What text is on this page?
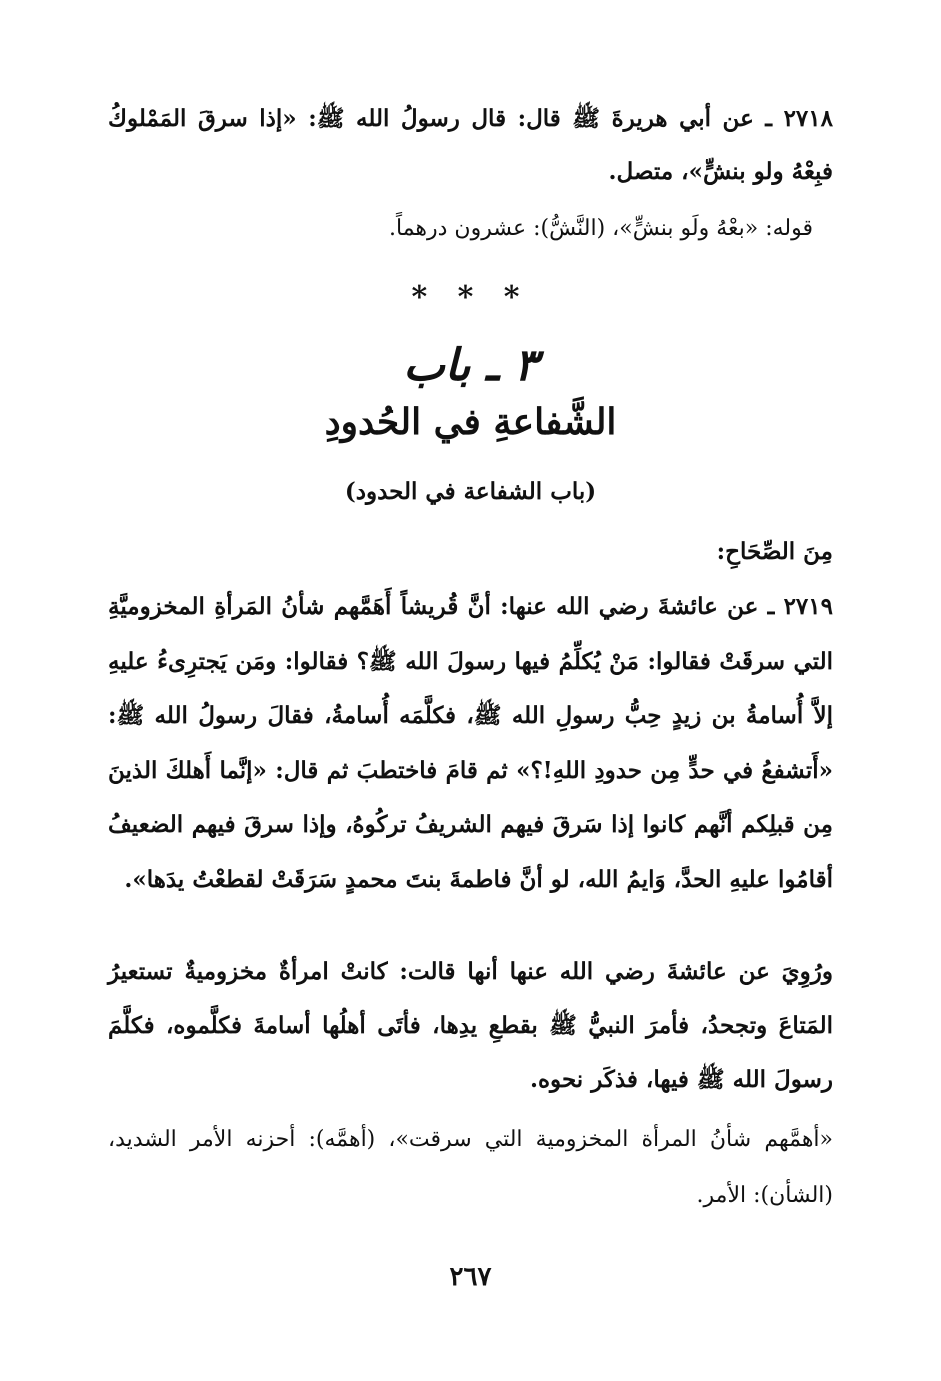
٢٧١٨ ـ عن أبي هريرةَ ﷺ قال: قال رسولُ الله ﷺ: «إذا سرقَ المَمْلوكُ فبِعْهُ ولو بنشٍّ»، متصل.

قوله: «بعْهُ ولَو بنشٍّ»، (النَّشُّ): عشرون درهماً.

* * *
٣ ـ باب
الشَّفاعةِ في الحُدودِ
(باب الشفاعة في الحدود)
مِنَ الصِّحَاحِ:

٢٧١٩ ـ عن عائشةَ رضي الله عنها: أنَّ قُريشاً أَهَمَّهم شأنُ المَرأةِ المخزوميَّةِ التي سرقَتْ فقالوا: مَنْ يُكلِّمُ فيها رسولَ الله ﷺ؟ فقالوا: ومَن يَجترِىءُ عليهِ إلاَّ أُسامةُ بن زيدٍ حِبُّ رسولِ الله ﷺ، فكلَّمَه أُسامةُ، فقالَ رسولُ الله ﷺ: «أَتشفعُ في حدٍّ مِن حدودِ اللهِ!؟» ثم قامَ فاختطبَ ثم قال: «إنَّما أَهلكَ الذينَ مِن قبلِكم أنَّهم كانوا إذا سَرقَ فيهم الشريفُ تركُوهُ، وإذا سرقَ فيهم الضعيفُ أقامُوا عليهِ الحدَّ، وَايمُ الله، لو أنَّ فاطمةَ بنتَ محمدٍ سَرَقَتْ لقطعْتُ يدَها».

ورُوِيَ عن عائشةَ رضي الله عنها أنها قالت: كانتْ امرأةٌ مخزوميةٌ تستعيرُ المَتاعَ وتجحدُ، فأمرَ النبيُّ ﷺ بقطعِ يدِها، فأتَى أهلُها أسامةَ فكلَّموه، فكلَّمَ رسولَ الله ﷺ فيها، فذكَر نحوه.

«أهمَّهم شأنُ المرأة المخزومية التي سرقت»، (أهمَّه): أحزنه الأمر الشديد، (الشأن): الأمر.

٢٦٧
